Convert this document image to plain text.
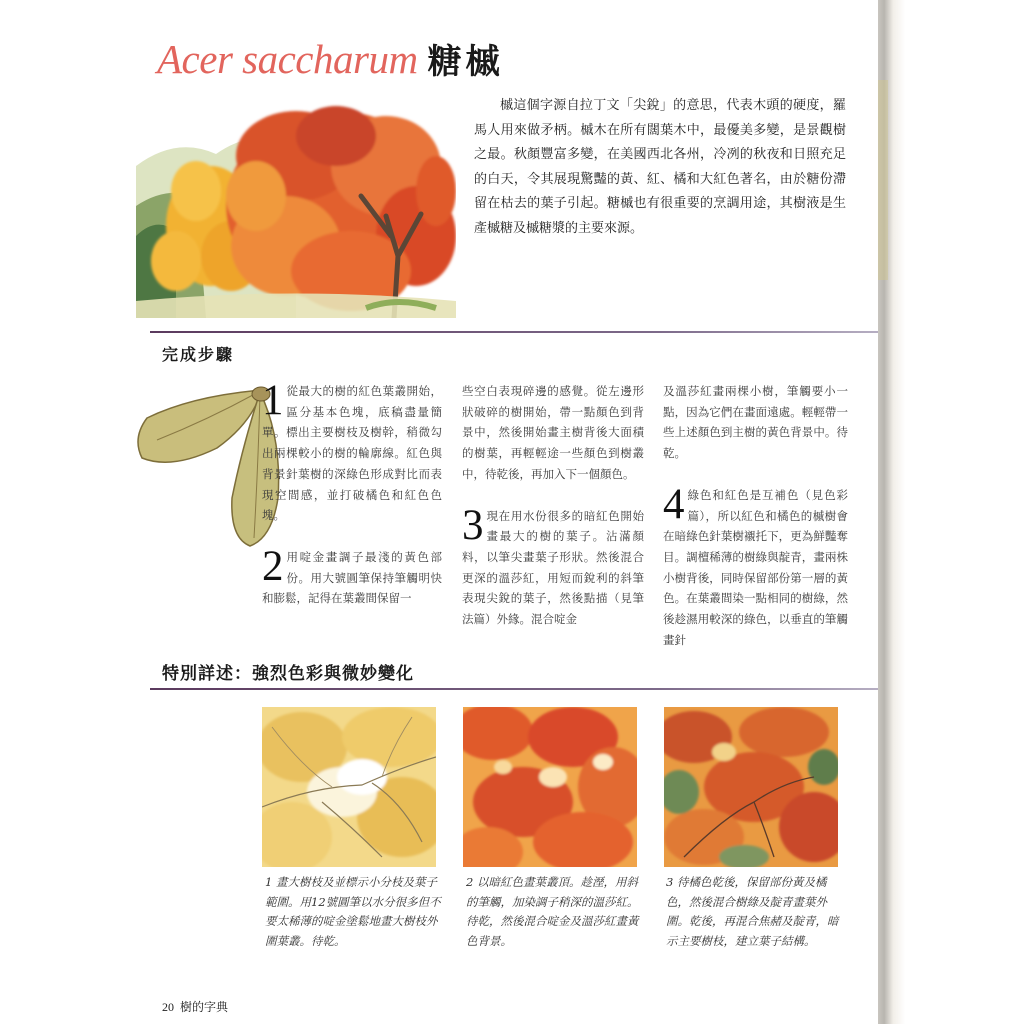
Acer saccharum 糖槭

槭這個字源自拉丁文「尖銳」的意思，代表木頭的硬度，羅馬人用來做矛柄。槭木在所有闊葉木中，最優美多變，是景觀樹之最。秋顏豐富多變，在美國西北各州，冷冽的秋夜和日照充足的白天，令其展現驚豔的黃、紅、橘和大紅色著名，由於糖份滯留在枯去的葉子引起。糖槭也有很重要的烹調用途，其樹液是生產槭糖及槭糖漿的主要來源。

完成步驟

1 從最大的樹的紅色葉叢開始，區分基本色塊，底稿盡量簡單。標出主要樹枝及樹幹，稍微勾出兩棵較小的樹的輪廓線。紅色與背景針葉樹的深綠色形成對比而表現空間感，並打破橘色和紅色色塊。

2 用啶金畫調子最淺的黃色部份。用大號圓筆保持筆觸明快和膨鬆，記得在葉叢間保留一

些空白表現碎邊的感覺。從左邊形狀破碎的樹開始，帶一點顏色到背景中，然後開始畫主樹背後大面積的樹葉，再輕輕途一些顏色到樹叢中，待乾後，再加入下一個顏色。

3 現在用水份很多的暗紅色開始畫最大的樹的葉子。沾滿顏料，以筆尖畫葉子形狀。然後混合更深的溫莎紅，用短而銳利的斜筆表現尖銳的葉子，然後點描（見筆法篇）外緣。混合啶金

及溫莎紅畫兩棵小樹，筆觸要小一點，因為它們在畫面遠處。輕輕帶一些上述顏色到主樹的黃色背景中。待乾。

4 綠色和紅色是互補色（見色彩篇），所以紅色和橘色的槭樹會在暗綠色針葉樹襯托下，更為鮮豔奪目。調檀稀薄的樹綠與靛青，畫兩株小樹背後，同時保留部份第一層的黃色。在葉叢間染一點相同的樹綠，然後趁濕用較深的綠色，以垂直的筆觸畫針

特別詳述：強烈色彩與微妙變化

1 畫大樹枝及並標示小分枝及葉子範圍。用12號圓筆以水分很多但不要太稀薄的啶金塗鬆地畫大樹枝外圍葉叢。待乾。

2 以暗紅色畫葉叢頂。趁溼，用斜的筆觸，加染調子稍深的溫莎紅。待乾，然後混合啶金及溫莎紅畫黃色背景。

3 待橘色乾後，保留部份黃及橘色，然後混合樹綠及靛青畫葉外圍。乾後，再混合焦赭及靛青，暗示主要樹枝，建立葉子結構。

20 樹的字典
